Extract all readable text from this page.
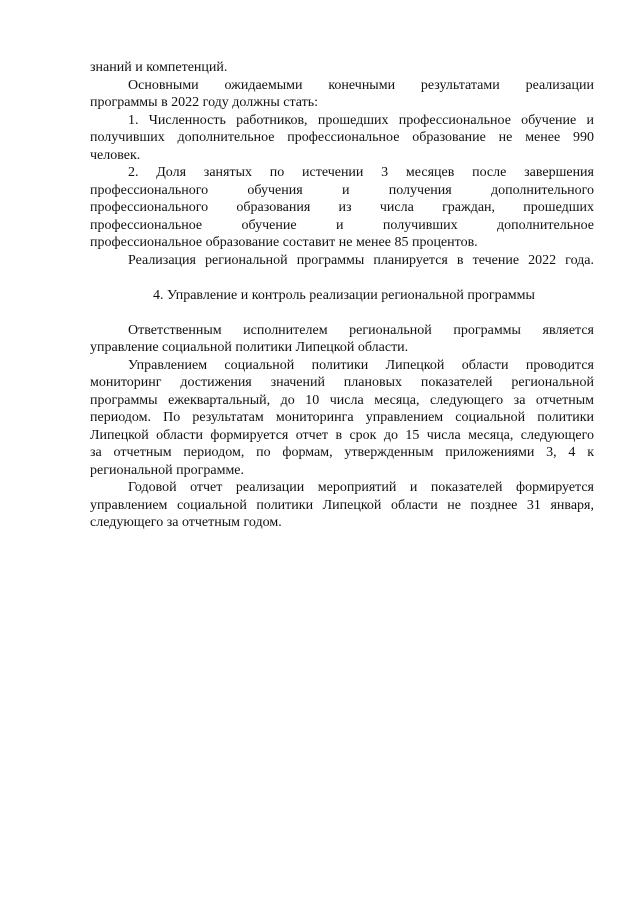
знаний и компетенций.
Основными ожидаемыми конечными результатами реализации
программы в 2022 году должны стать:
1. Численность работников, прошедших профессиональное обучение и
получивших дополнительное профессиональное образование не менее 990
человек.
2. Доля занятых по истечении 3 месяцев после завершения
профессионального обучения и получения дополнительного
профессионального образования из числа граждан, прошедших
профессиональное обучение и получивших дополнительное
профессиональное образование составит не менее 85 процентов.
Реализация региональной программы планируется в течение 2022 года.
4. Управление и контроль реализации региональной программы
Ответственным исполнителем региональной программы является
управление социальной политики Липецкой области.
Управлением социальной политики Липецкой области проводится
мониторинг достижения значений плановых показателей региональной
программы ежеквартальный, до 10 числа месяца, следующего за отчетным
периодом. По результатам мониторинга управлением социальной политики
Липецкой области формируется отчет в срок до 15 числа месяца, следующего
за отчетным периодом, по формам, утвержденным приложениями 3, 4 к
региональной программе.
Годовой отчет реализации мероприятий и показателей формируется
управлением социальной политики Липецкой области не позднее 31 января,
следующего за отчетным годом.
